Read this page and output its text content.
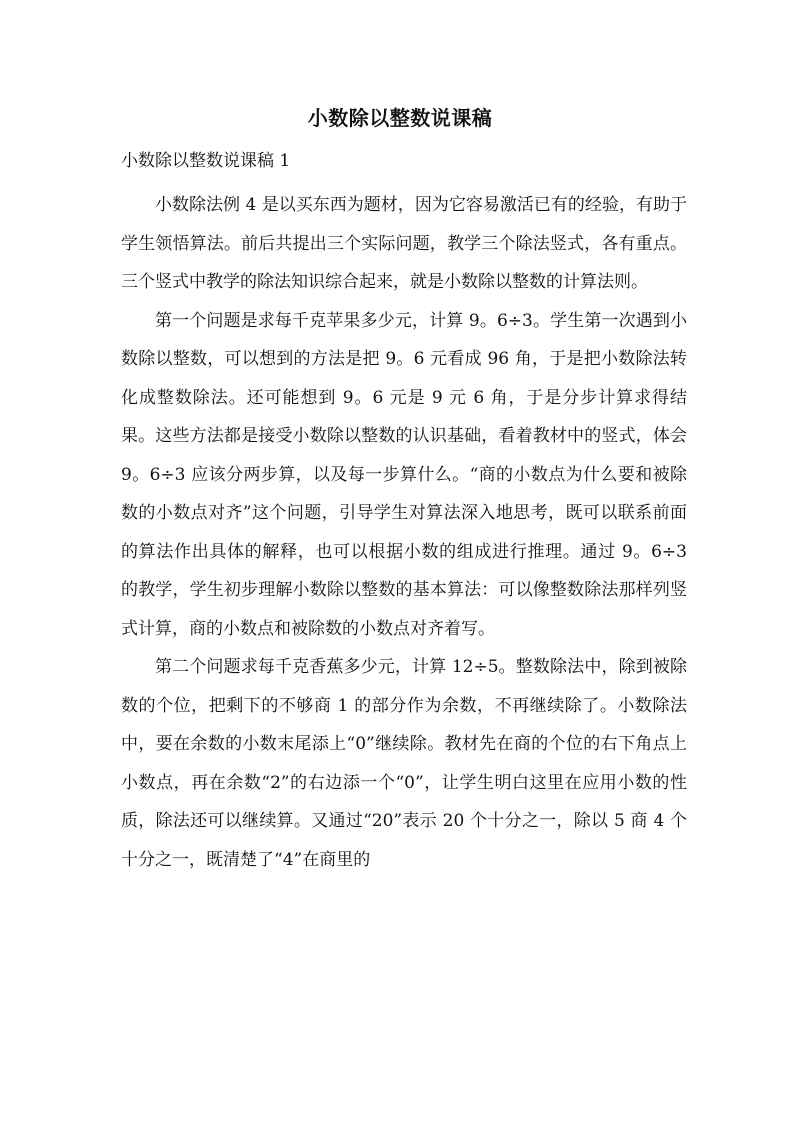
小数除以整数说课稿
小数除以整数说课稿 1

小数除法例 4 是以买东西为题材，因为它容易激活已有的经验，有助于学生领悟算法。前后共提出三个实际问题，教学三个除法竖式，各有重点。三个竖式中教学的除法知识综合起来，就是小数除以整数的计算法则。

第一个问题是求每千克苹果多少元，计算 9。6÷3。学生第一次遇到小数除以整数，可以想到的方法是把 9。6 元看成 96 角，于是把小数除法转化成整数除法。还可能想到 9。6 元是 9 元 6 角，于是分步计算求得结果。这些方法都是接受小数除以整数的认识基础，看着教材中的竖式，体会 9。6÷3 应该分两步算，以及每一步算什么。“商的小数点为什么要和被除数的小数点对齐”这个问题，引导学生对算法深入地思考，既可以联系前面的算法作出具体的解释，也可以根据小数的组成进行推理。通过 9。6÷3 的教学，学生初步理解小数除以整数的基本算法：可以像整数除法那样列竖式计算，商的小数点和被除数的小数点对齐着写。

第二个问题求每千克香蕉多少元，计算 12÷5。整数除法中，除到被除数的个位，把剩下的不够商 1 的部分作为余数，不再继续除了。小数除法中，要在余数的小数末尾添上“0”继续除。教材先在商的个位的右下角点上小数点，再在余数“2”的右边添一个“0”，让学生明白这里在应用小数的性质，除法还可以继续算。又通过“20”表示 20 个十分之一，除以 5 商 4 个十分之一，既清楚了“4”在商里的
